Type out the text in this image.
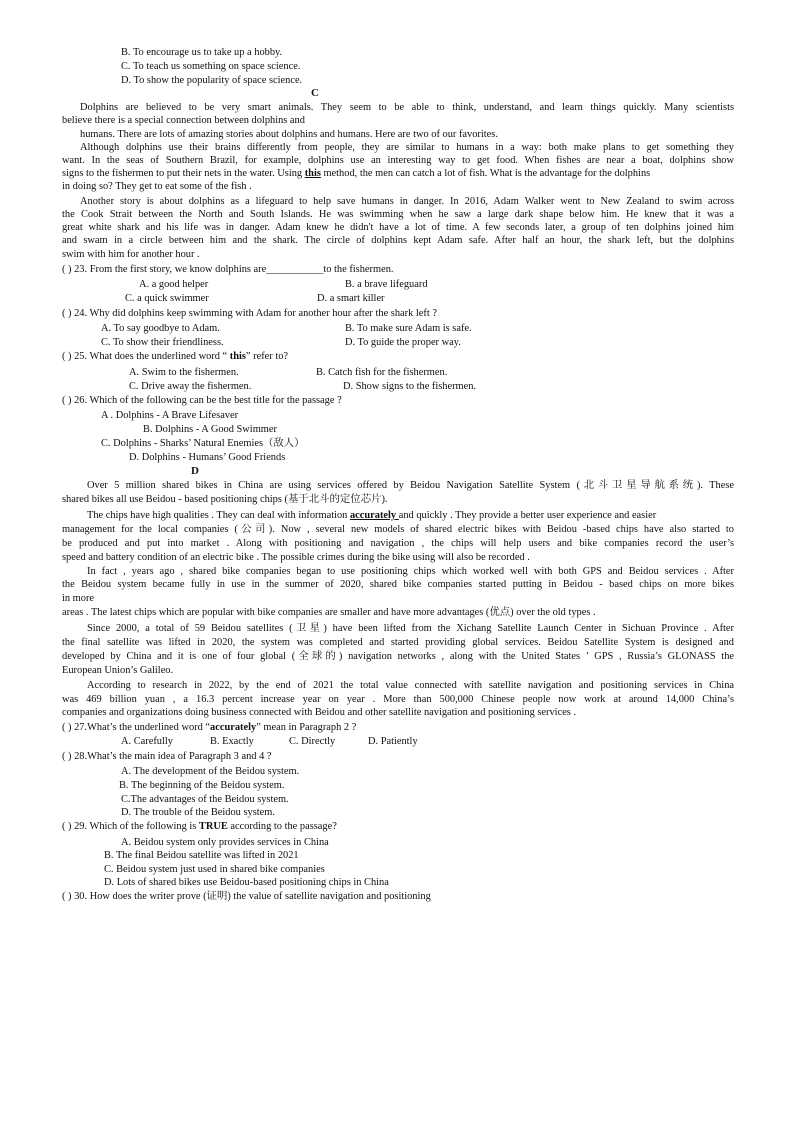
B. To encourage us to take up a hobby.
C. To teach us something on space science.
D. To show the popularity of space science.
C
Dolphins are believed to be very smart animals. They seem to be able to think, understand, and learn things quickly. Many scientists
believe there is a special connection between dolphins and
humans. There are lots of amazing stories about dolphins and humans. Here are two of our favorites.
Although dolphins use their brains differently from people, they are similar to humans in a way: both make plans to get something they
want. In the seas of Southern Brazil, for example, dolphins use an interesting way to get food. When fishes are near a boat, dolphins show
signs to the fishermen to put their nets in the water. Using this method, the men can catch a lot of fish. What is the advantage for the dolphins
in doing so? They get to eat some of the fish .
Another story is about dolphins as a lifeguard to help save humans in danger. In 2016, Adam Walker went to New Zealand to swim across
the Cook Strait between the North and South Islands. He was swimming when he saw a large dark shape below him. He knew that it was a
great white shark and his life was in danger. Adam knew he didn't have a lot of time. A few seconds later, a group of ten dolphins joined him
and swam in a circle between him and the shark. The circle of dolphins kept Adam safe. After half an hour, the shark left, but the dolphins
swim with him for another hour .
( ) 23. From the first story, we know dolphins are___________to the fishermen.
A. a good helper	B. a brave lifeguard
C. a quick swimmer	D. a smart killer
( ) 24. Why did dolphins keep swimming with Adam for another hour after the shark left ?
A. To say goodbye to Adam.	B. To make sure Adam is safe.
C. To show their friendliness.	D. To guide the proper way.
( ) 25. What does the underlined word “ this” refer to?
A. Swim to the fishermen.	B. Catch fish for the fishermen.
C. Drive away the fishermen.	D. Show signs to the fishermen.
( ) 26. Which of the following can be the best title for the passage ?
A . Dolphins - A Brave Lifesaver
B. Dolphins - A Good Swimmer
C. Dolphins - Sharks’ Natural Enemies（敌人）
D. Dolphins - Humans’ Good Friends
D
Over 5 million shared bikes in China are using services offered by Beidou Navigation Satellite System (北斗卫星导航系统). These
shared bikes all use Beidou - based positioning chips (基于北斗的定位芯片).
The chips have high qualities . They can deal with information accurately and quickly . They provide a better user experience and easier
management for the local companies (公司). Now , several new models of shared electric bikes with Beidou -based chips have also started to
be produced and put into market . Along with positioning and navigation , the chips will help users and bike companies record the user’s
speed and battery condition of an electric bike . The possible crimes during the bike using will also be recorded .
In fact , years ago , shared bike companies began to use positioning chips which worked well with both GPS and Beidou services . After
the Beidou system became fully in use in the summer of 2020, shared bike companies started putting in Beidou - based chips on more bikes
in more
areas . The latest chips which are popular with bike companies are smaller and have more advantages (优点) over the old types .
Since 2000, a total of 59 Beidou satellites (卫星) have been lifted from the Xichang Satellite Launch Center in Sichuan Province . After
the final satellite was lifted in 2020, the system was completed and started providing global services. Beidou Satellite System is designed and
developed by China and it is one of four global (全球的) navigation networks , along with the United States ’ GPS , Russia’s GLONASS the
European Union’s Galileo.
According to research in 2022, by the end of 2021 the total value connected with satellite navigation and positioning services in China
was 469 billion yuan , a 16.3 percent increase year on year . More than 500,000 Chinese people now work at around 14,000 China’s
companies and organizations doing business connected with Beidou and other satellite navigation and positioning services .
( ) 27.What’s the underlined word “accurately” mean in Paragraph 2 ?
A. Carefully	B. Exactly	C. Directly	D. Patiently
( ) 28.What’s the main idea of Paragraph 3 and 4 ?
A. The development of the Beidou system.
B. The beginning of the Beidou system.
C.The advantages of the Beidou system.
D. The trouble of the Beidou system.
( ) 29. Which of the following is TRUE according to the passage?
A. Beidou system only provides services in China
B. The final Beidou satellite was lifted in 2021
C. Beidou system just used in shared bike companies
D. Lots of shared bikes use Beidou-based positioning chips in China
( ) 30. How does the writer prove (证明) the value of satellite navigation and positioning
